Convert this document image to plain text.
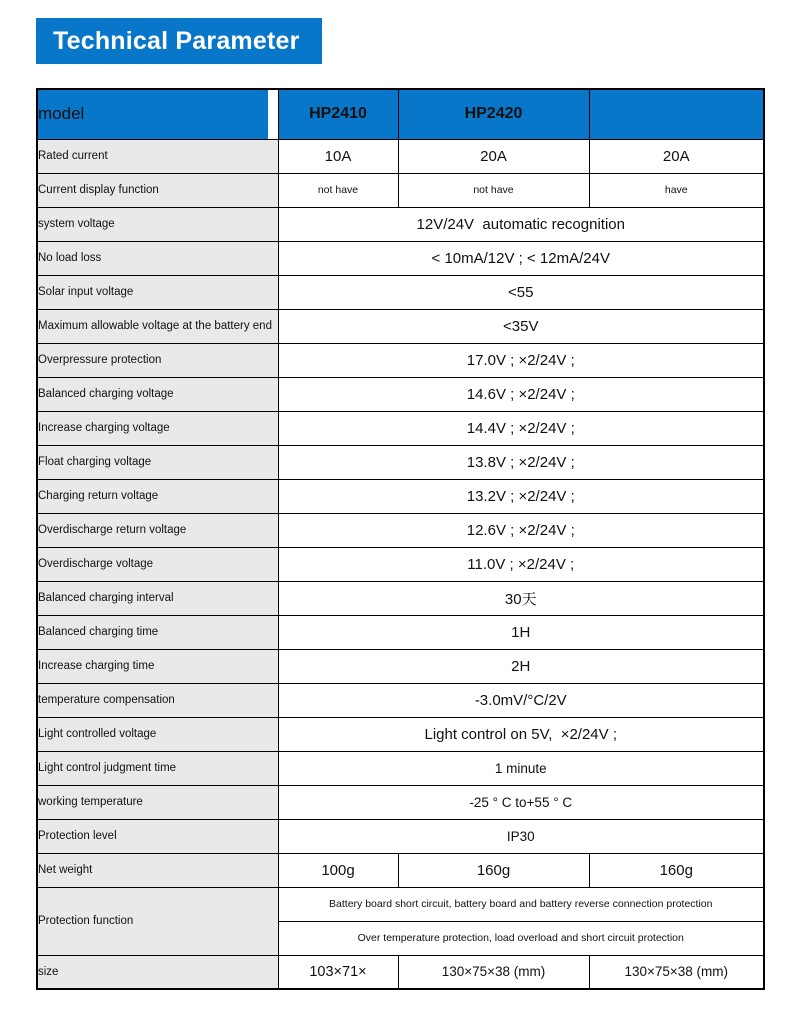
Technical Parameter
model	HP2410	HP2420	
Rated current	10A	20A	20A
Current display function	not have	not have	have
system voltage	12V/24V  automatic recognition		
No load loss	< 10mA/12V ; < 12mA/24V		
Solar input voltage	<55		
Maximum allowable voltage at the battery end	<35V		
Overpressure protection	17.0V ; ×2/24V ;		
Balanced charging voltage	14.6V ; ×2/24V ;		
Increase charging voltage	14.4V ; ×2/24V ;		
Float charging voltage	13.8V ; ×2/24V ;		
Charging return voltage	13.2V ; ×2/24V ;		
Overdischarge return voltage	12.6V ; ×2/24V ;		
Overdischarge voltage	11.0V ; ×2/24V ;		
Balanced charging interval	30天		
Balanced charging time	1H		
Increase charging time	2H		
temperature compensation	-3.0mV/°C/2V		
Light controlled voltage	Light control on 5V,  ×2/24V ;		
Light control judgment time	1 minute		
working temperature	-25 ° C to+55 ° C		
Protection level	IP30		
Net weight	100g	160g	160g
Protection function	Battery board short circuit, battery board and battery reverse connection protection		
	Over temperature protection, load overload and short circuit protection		
size	103×71×	130×75×38 (mm)	130×75×38 (mm)
